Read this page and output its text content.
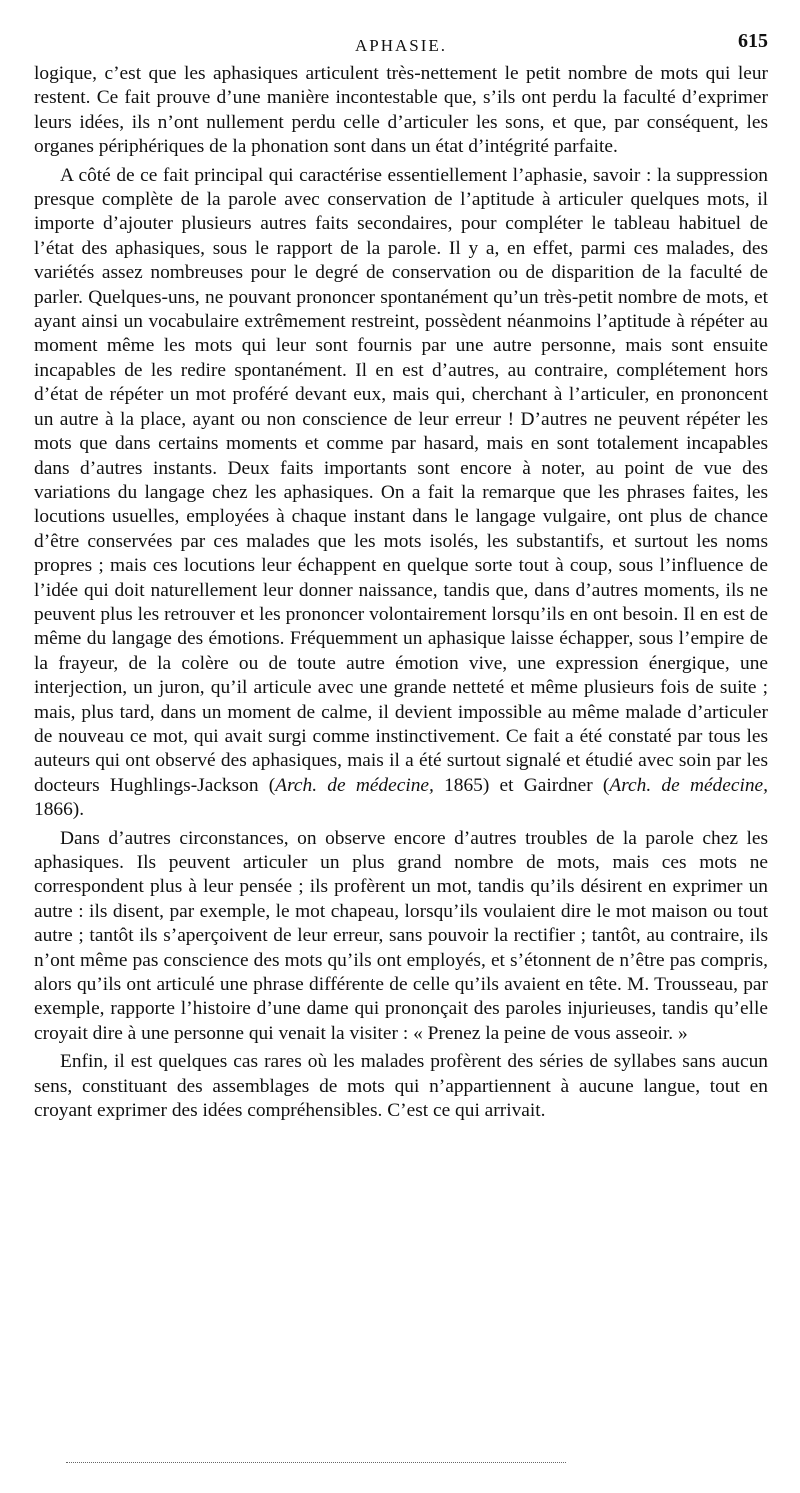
APHASIE.	615

logique, c’est que les aphasiques articulent très-nettement le petit nombre de mots qui leur restent. Ce fait prouve d’une manière incontestable que, s’ils ont perdu la faculté d’exprimer leurs idées, ils n’ont nullement perdu celle d’articuler les sons, et que, par conséquent, les organes périphériques de la phonation sont dans un état d’intégrité parfaite.

A côté de ce fait principal qui caractérise essentiellement l’aphasie, savoir : la suppression presque complète de la parole avec conservation de l’aptitude à articuler quelques mots, il importe d’ajouter plusieurs autres faits secondaires, pour compléter le tableau habituel de l’état des aphasiques, sous le rapport de la parole. Il y a, en effet, parmi ces malades, des variétés assez nombreuses pour le degré de conservation ou de disparition de la faculté de parler. Quelques-uns, ne pouvant prononcer spontanément qu’un très-petit nombre de mots, et ayant ainsi un vocabulaire extrêmement restreint, possèdent néanmoins l’aptitude à répéter au moment même les mots qui leur sont fournis par une autre personne, mais sont ensuite incapables de les redire spontanément. Il en est d’autres, au contraire, complétement hors d’état de répéter un mot proféré devant eux, mais qui, cherchant à l’articuler, en prononcent un autre à la place, ayant ou non conscience de leur erreur ! D’autres ne peuvent répéter les mots que dans certains moments et comme par hasard, mais en sont totalement incapables dans d’autres instants. Deux faits importants sont encore à noter, au point de vue des variations du langage chez les aphasiques. On a fait la remarque que les phrases faites, les locutions usuelles, employées à chaque instant dans le langage vulgaire, ont plus de chance d’être conservées par ces malades que les mots isolés, les substantifs, et surtout les noms propres ; mais ces locutions leur échappent en quelque sorte tout à coup, sous l’influence de l’idée qui doit naturellement leur donner naissance, tandis que, dans d’autres moments, ils ne peuvent plus les retrouver et les prononcer volontairement lorsqu’ils en ont besoin. Il en est de même du langage des émotions. Fréquemment un aphasique laisse échapper, sous l’empire de la frayeur, de la colère ou de toute autre émotion vive, une expression énergique, une interjection, un juron, qu’il articule avec une grande netteté et même plusieurs fois de suite ; mais, plus tard, dans un moment de calme, il devient impossible au même malade d’articuler de nouveau ce mot, qui avait surgi comme instinctivement. Ce fait a été constaté par tous les auteurs qui ont observé des aphasiques, mais il a été surtout signalé et étudié avec soin par les docteurs Hughlings-Jackson (Arch. de médecine, 1865) et Gairdner (Arch. de médecine, 1866).

Dans d’autres circonstances, on observe encore d’autres troubles de la parole chez les aphasiques. Ils peuvent articuler un plus grand nombre de mots, mais ces mots ne correspondent plus à leur pensée ; ils profèrent un mot, tandis qu’ils désirent en exprimer un autre : ils disent, par exemple, le mot chapeau, lorsqu’ils voulaient dire le mot maison ou tout autre ; tantôt ils s’aperçoivent de leur erreur, sans pouvoir la rectifier ; tantôt, au contraire, ils n’ont même pas conscience des mots qu’ils ont employés, et s’étonnent de n’être pas compris, alors qu’ils ont articulé une phrase différente de celle qu’ils avaient en tête. M. Trousseau, par exemple, rapporte l’histoire d’une dame qui prononçait des paroles injurieuses, tandis qu’elle croyait dire à une personne qui venait la visiter : « Prenez la peine de vous asseoir. »

Enfin, il est quelques cas rares où les malades profèrent des séries de syllabes sans aucun sens, constituant des assemblages de mots qui n’appartiennent à aucune langue, tout en croyant exprimer des idées compréhensibles. C’est ce qui arrivait.
